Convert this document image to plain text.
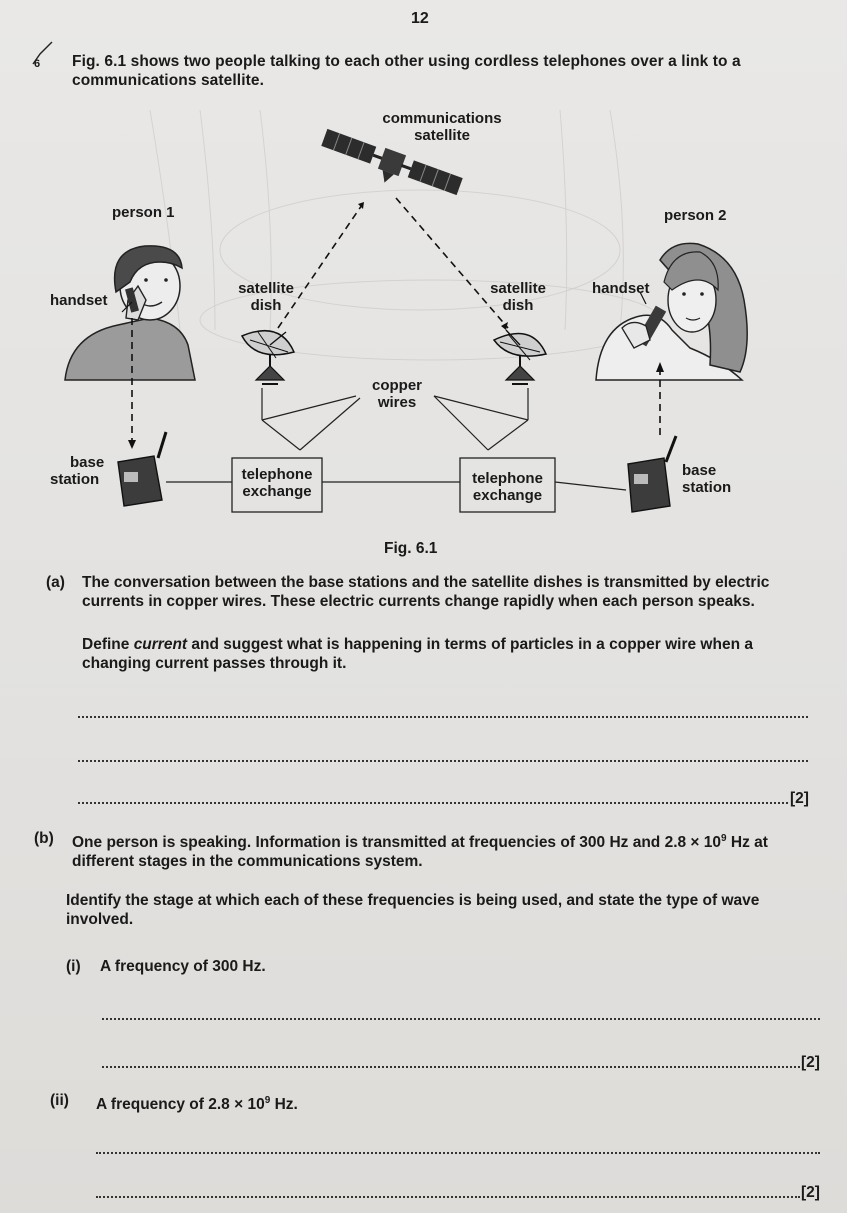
12
6 Fig. 6.1 shows two people talking to each other using cordless telephones over a link to a communications satellite.
communications
satellite
person 1	person 2
handset
handset
satellite
dish
satellite
dish
copper
wires
base
station
base
station
telephone
exchange
telephone
exchange
Fig. 6.1
(a) The conversation between the base stations and the satellite dishes is transmitted by electric currents in copper wires. These electric currents change rapidly when each person speaks.
Define current and suggest what is happening in terms of particles in a copper wire when a changing current passes through it.
[2]
(b) One person is speaking. Information is transmitted at frequencies of 300 Hz and $2.8 \times 10^9$ Hz at different stages in the communications system.
Identify the stage at which each of these frequencies is being used, and state the type of wave involved.
(i) A frequency of 300 Hz.
[2]
(ii) A frequency of $2.8 \times 10^9$ Hz.
[2]
